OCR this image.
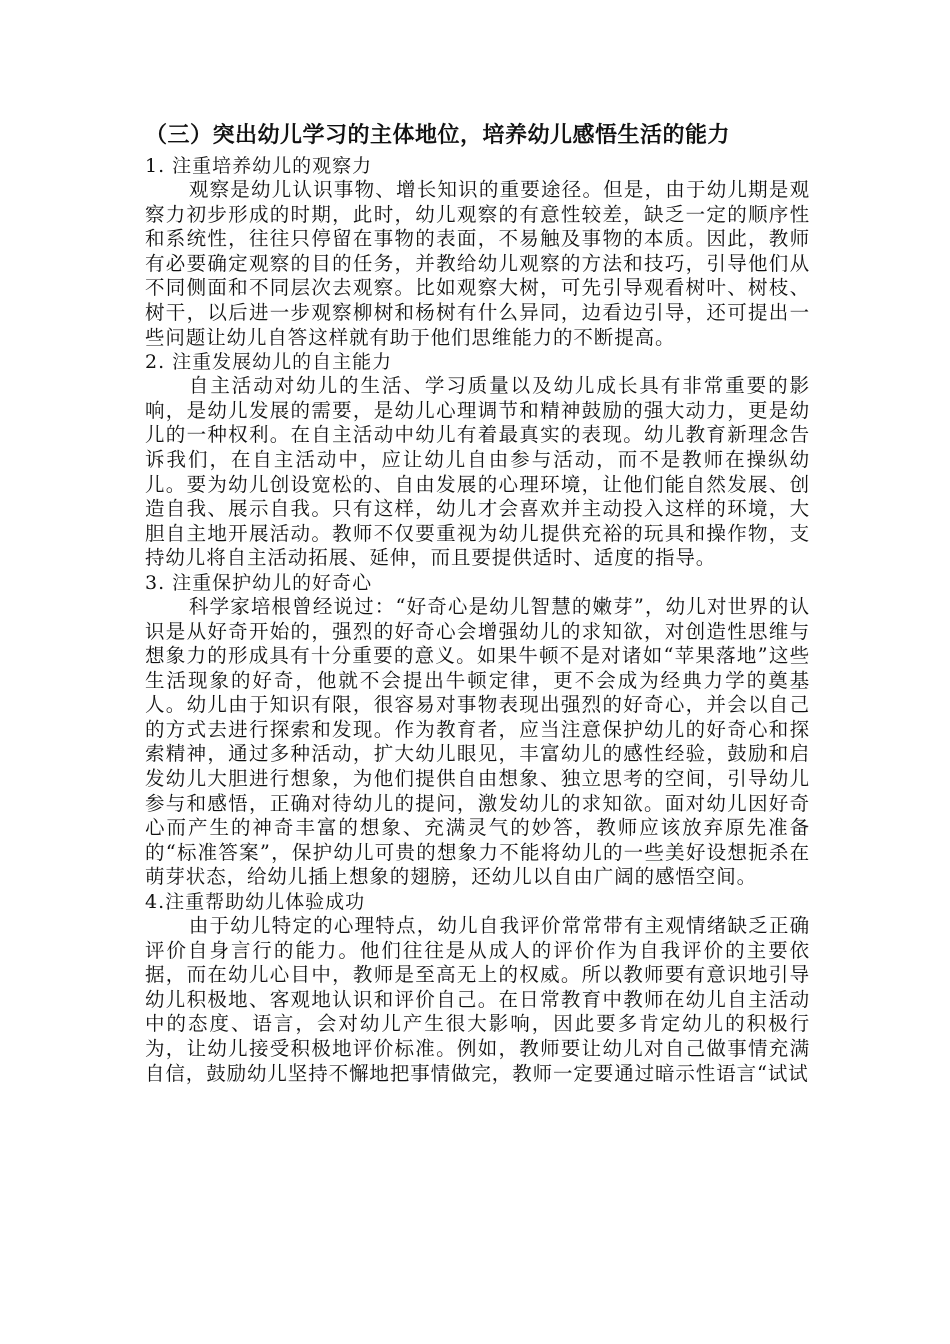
（三）突出幼儿学习的主体地位，培养幼儿感悟生活的能力

1. 注重培养幼儿的观察力

观察是幼儿认识事物、增长知识的重要途径。但是，由于幼儿期是观察力初步形成的时期，此时，幼儿观察的有意性较差，缺乏一定的顺序性和系统性，往往只停留在事物的表面，不易触及事物的本质。因此，教师有必要确定观察的目的任务，并教给幼儿观察的方法和技巧，引导他们从不同侧面和不同层次去观察。比如观察大树，可先引导观看树叶、树枝、树干，以后进一步观察柳树和杨树有什么异同，边看边引导，还可提出一些问题让幼儿自答这样就有助于他们思维能力的不断提高。

2. 注重发展幼儿的自主能力

自主活动对幼儿的生活、学习质量以及幼儿成长具有非常重要的影响，是幼儿发展的需要，是幼儿心理调节和精神鼓励的强大动力，更是幼儿的一种权利。在自主活动中幼儿有着最真实的表现。幼儿教育新理念告诉我们，在自主活动中，应让幼儿自由参与活动，而不是教师在操纵幼儿。要为幼儿创设宽松的、自由发展的心理环境，让他们能自然发展、创造自我、展示自我。只有这样，幼儿才会喜欢并主动投入这样的环境，大胆自主地开展活动。教师不仅要重视为幼儿提供充裕的玩具和操作物，支持幼儿将自主活动拓展、延伸，而且要提供适时、适度的指导。

3. 注重保护幼儿的好奇心

科学家培根曾经说过：“好奇心是幼儿智慧的嫩芽”，幼儿对世界的认识是从好奇开始的，强烈的好奇心会增强幼儿的求知欲，对创造性思维与想象力的形成具有十分重要的意义。如果牛顿不是对诸如“苹果落地”这些生活现象的好奇，他就不会提出牛顿定律，更不会成为经典力学的奠基人。幼儿由于知识有限，很容易对事物表现出强烈的好奇心，并会以自己的方式去进行探索和发现。作为教育者，应当注意保护幼儿的好奇心和探索精神，通过多种活动，扩大幼儿眼见，丰富幼儿的感性经验，鼓励和启发幼儿大胆进行想象，为他们提供自由想象、独立思考的空间，引导幼儿参与和感悟，正确对待幼儿的提问，激发幼儿的求知欲。面对幼儿因好奇心而产生的神奇丰富的想象、充满灵气的妙答，教师应该放弃原先准备的“标准答案”，保护幼儿可贵的想象力不能将幼儿的一些美好设想扼杀在萌芽状态，给幼儿插上想象的翅膀，还幼儿以自由广阔的感悟空间。

4.注重帮助幼儿体验成功

由于幼儿特定的心理特点，幼儿自我评价常常带有主观情绪缺乏正确评价自身言行的能力。他们往往是从成人的评价作为自我评价的主要依据，而在幼儿心目中，教师是至高无上的权威。所以教师要有意识地引导幼儿积极地、客观地认识和评价自己。在日常教育中教师在幼儿自主活动中的态度、语言，会对幼儿产生很大影响，因此要多肯定幼儿的积极行为，让幼儿接受积极地评价标准。例如，教师要让幼儿对自己做事情充满自信，鼓励幼儿坚持不懈地把事情做完，教师一定要通过暗示性语言“试试
